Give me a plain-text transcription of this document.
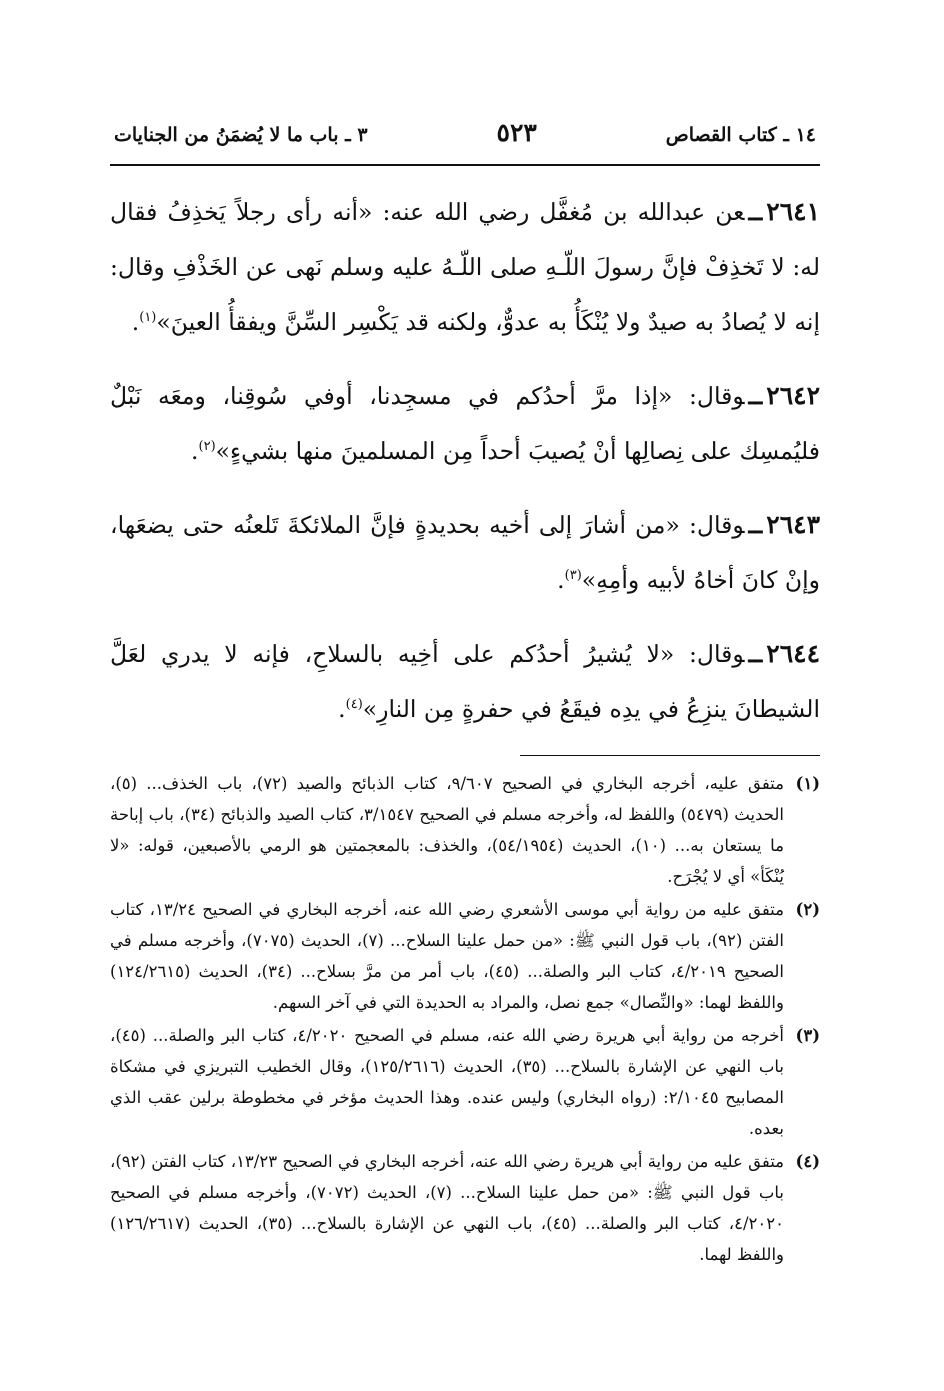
١٤ ـ كتاب القصاص
٥٢٣
٣ ـ باب ما لا يُضمَنُ من الجنايات

٢٦٤١ــعن عبدالله بن مُغفَّل رضي الله عنه: «أنه رأى رجلاً يَخذِفُ فقال له: لا تَخذِفْ فإنَّ رسولَ اللّـهِ صلى اللّـهُ عليه وسلم نَهى عن الخَذْفِ وقال: إنه لا يُصادُ به صيدٌ ولا يُنْكَأُ به عدوٌّ، ولكنه قد يَكْسِر السِّنَّ ويفقأُ العينَ»$^{(١)}$.

٢٦٤٢ــوقال: «إذا مرَّ أحدُكم في مسجِدنا، أوفي سُوقِنا، ومعَه نَبْلٌ فليُمسِك على نِصالِها أنْ يُصيبَ أحداً مِن المسلمينَ منها بشيءٍ»$^{(٢)}$.

٢٦٤٣ــوقال: «من أشارَ إلى أخيه بحديدةٍ فإنَّ الملائكةَ تَلعنُه حتى يضعَها، وإنْ كانَ أخاهُ لأبيه وأمِهِ»$^{(٣)}$.

٢٦٤٤ــوقال: «لا يُشيرُ أحدُكم على أخِيه بالسلاحِ، فإنه لا يدري لعَلَّ الشيطانَ ينزِعُ في يدِه فيقَعُ في حفرةٍ مِن النارِ»$^{(٤)}$.

(١)
متفق عليه، أخرجه البخاري في الصحيح ٩/٦٠٧، كتاب الذبائح والصيد (٧٢)، باب الخذف... (٥)، الحديث (٥٤٧٩) واللفظ له، وأخرجه مسلم في الصحيح ٣/١٥٤٧، كتاب الصيد والذبائح (٣٤)، باب إباحة ما يستعان به... (١٠)، الحديث (٥٤/١٩٥٤)، والخذف: بالمعجمتين هو الرمي بالأصبعين، قوله: «لا يُنْكَأ» أي لا يُجْرَح.
(٢)
متفق عليه من رواية أبي موسى الأشعري رضي الله عنه، أخرجه البخاري في الصحيح ١٣/٢٤، كتاب الفتن (٩٢)، باب قول النبي ﷺ: «من حمل علينا السلاح... (٧)، الحديث (٧٠٧٥)، وأخرجه مسلم في الصحيح ٤/٢٠١٩، كتاب البر والصلة... (٤٥)، باب أمر من مرَّ بسلاح... (٣٤)، الحديث (١٢٤/٢٦١٥) واللفظ لهما: «والنِّصال» جمع نصل، والمراد به الحديدة التي في آخر السهم.
(٣)
أخرجه من رواية أبي هريرة رضي الله عنه، مسلم في الصحيح ٤/٢٠٢٠، كتاب البر والصلة... (٤٥)، باب النهي عن الإشارة بالسلاح... (٣٥)، الحديث (١٢٥/٢٦١٦)، وقال الخطيب التبريزي في مشكاة المصابيح ٢/١٠٤٥: (رواه البخاري) وليس عنده. وهذا الحديث مؤخر في مخطوطة برلين عقب الذي بعده.
(٤)
متفق عليه من رواية أبي هريرة رضي الله عنه، أخرجه البخاري في الصحيح ١٣/٢٣، كتاب الفتن (٩٢)، باب قول النبي ﷺ: «من حمل علينا السلاح... (٧)، الحديث (٧٠٧٢)، وأخرجه مسلم في الصحيح ٤/٢٠٢٠، كتاب البر والصلة... (٤٥)، باب النهي عن الإشارة بالسلاح... (٣٥)، الحديث (١٢٦/٢٦١٧) واللفظ لهما.
